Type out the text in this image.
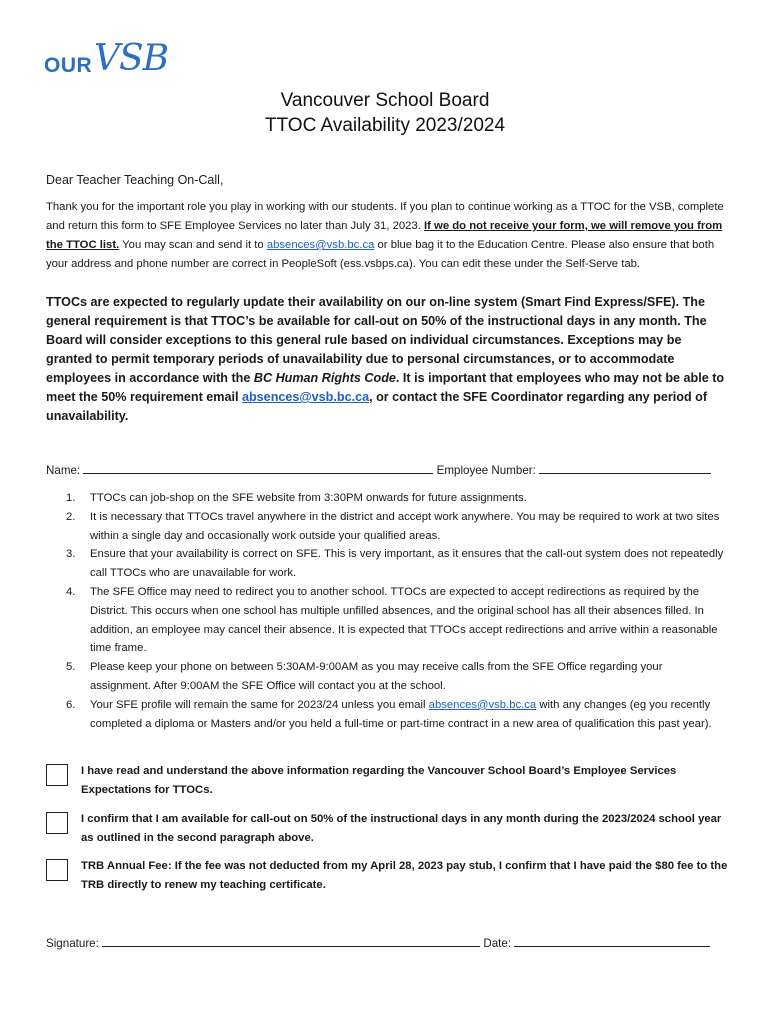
OUR VSB
Vancouver School Board
TTOC Availability 2023/2024
Dear Teacher Teaching On-Call,
Thank you for the important role you play in working with our students. If you plan to continue working as a TTOC for the VSB, complete and return this form to SFE Employee Services no later than July 31, 2023. If we do not receive your form, we will remove you from the TTOC list. You may scan and send it to absences@vsb.bc.ca or blue bag it to the Education Centre. Please also ensure that both your address and phone number are correct in PeopleSoft (ess.vsbps.ca). You can edit these under the Self-Serve tab.
TTOCs are expected to regularly update their availability on our on-line system (Smart Find Express/SFE). The general requirement is that TTOC’s be available for call-out on 50% of the instructional days in any month. The Board will consider exceptions to this general rule based on individual circumstances. Exceptions may be granted to permit temporary periods of unavailability due to personal circumstances, or to accommodate employees in accordance with the BC Human Rights Code. It is important that employees who may not be able to meet the 50% requirement email absences@vsb.bc.ca, or contact the SFE Coordinator regarding any period of unavailability.
Name:	Employee Number:
1. TTOCs can job-shop on the SFE website from 3:30PM onwards for future assignments.
2. It is necessary that TTOCs travel anywhere in the district and accept work anywhere. You may be required to work at two sites within a single day and occasionally work outside your qualified areas.
3. Ensure that your availability is correct on SFE. This is very important, as it ensures that the call-out system does not repeatedly call TTOCs who are unavailable for work.
4. The SFE Office may need to redirect you to another school. TTOCs are expected to accept redirections as required by the District. This occurs when one school has multiple unfilled absences, and the original school has all their absences filled. In addition, an employee may cancel their absence. It is expected that TTOCs accept redirections and arrive within a reasonable time frame.
5. Please keep your phone on between 5:30AM-9:00AM as you may receive calls from the SFE Office regarding your assignment. After 9:00AM the SFE Office will contact you at the school.
6. Your SFE profile will remain the same for 2023/24 unless you email absences@vsb.bc.ca with any changes (eg you recently completed a diploma or Masters and/or you held a full-time or part-time contract in a new area of qualification this past year).
I have read and understand the above information regarding the Vancouver School Board’s Employee Services Expectations for TTOCs.
I confirm that I am available for call-out on 50% of the instructional days in any month during the 2023/2024 school year as outlined in the second paragraph above.
TRB Annual Fee: If the fee was not deducted from my April 28, 2023 pay stub, I confirm that I have paid the $80 fee to the TRB directly to renew my teaching certificate.
Signature:	Date:
